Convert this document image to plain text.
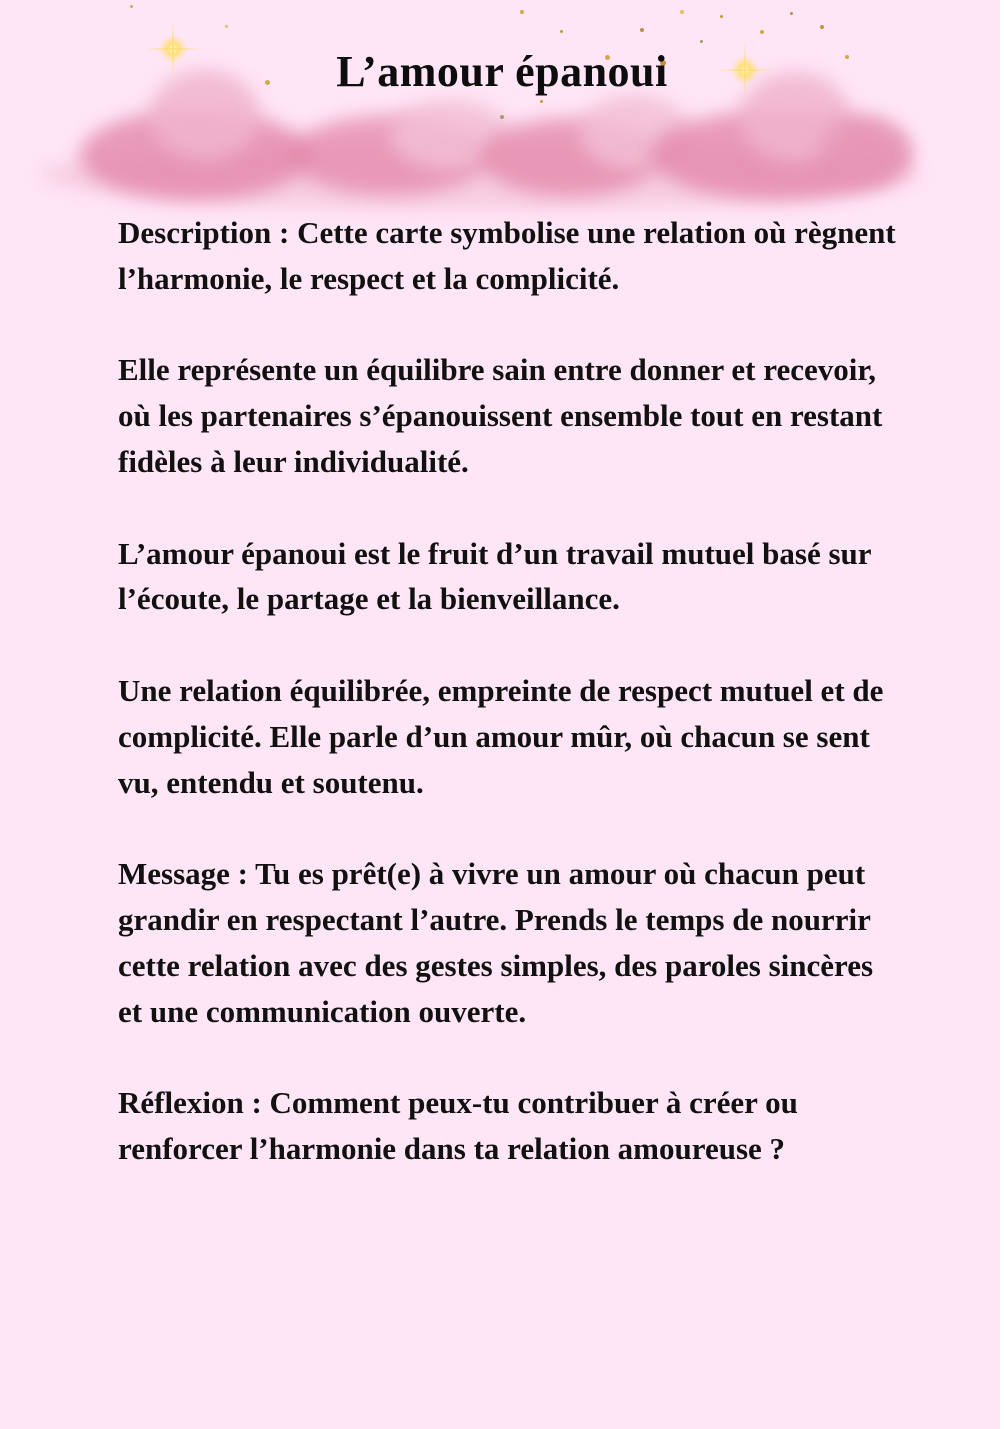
L’amour épanoui

Description : Cette carte symbolise une relation où règnent l’harmonie, le respect et la complicité.

Elle représente un équilibre sain entre donner et recevoir, où les partenaires s’épanouissent ensemble tout en restant fidèles à leur individualité.

L’amour épanoui est le fruit d’un travail mutuel basé sur l’écoute, le partage et la bienveillance.

Une relation équilibrée, empreinte de respect mutuel et de complicité. Elle parle d’un amour mûr, où chacun se sent vu, entendu et soutenu.

Message : Tu es prêt(e) à vivre un amour où chacun peut grandir en respectant l’autre. Prends le temps de nourrir cette relation avec des gestes simples, des paroles sincères et une communication ouverte.

Réflexion : Comment peux-tu contribuer à créer ou renforcer l’harmonie dans ta relation amoureuse ?
